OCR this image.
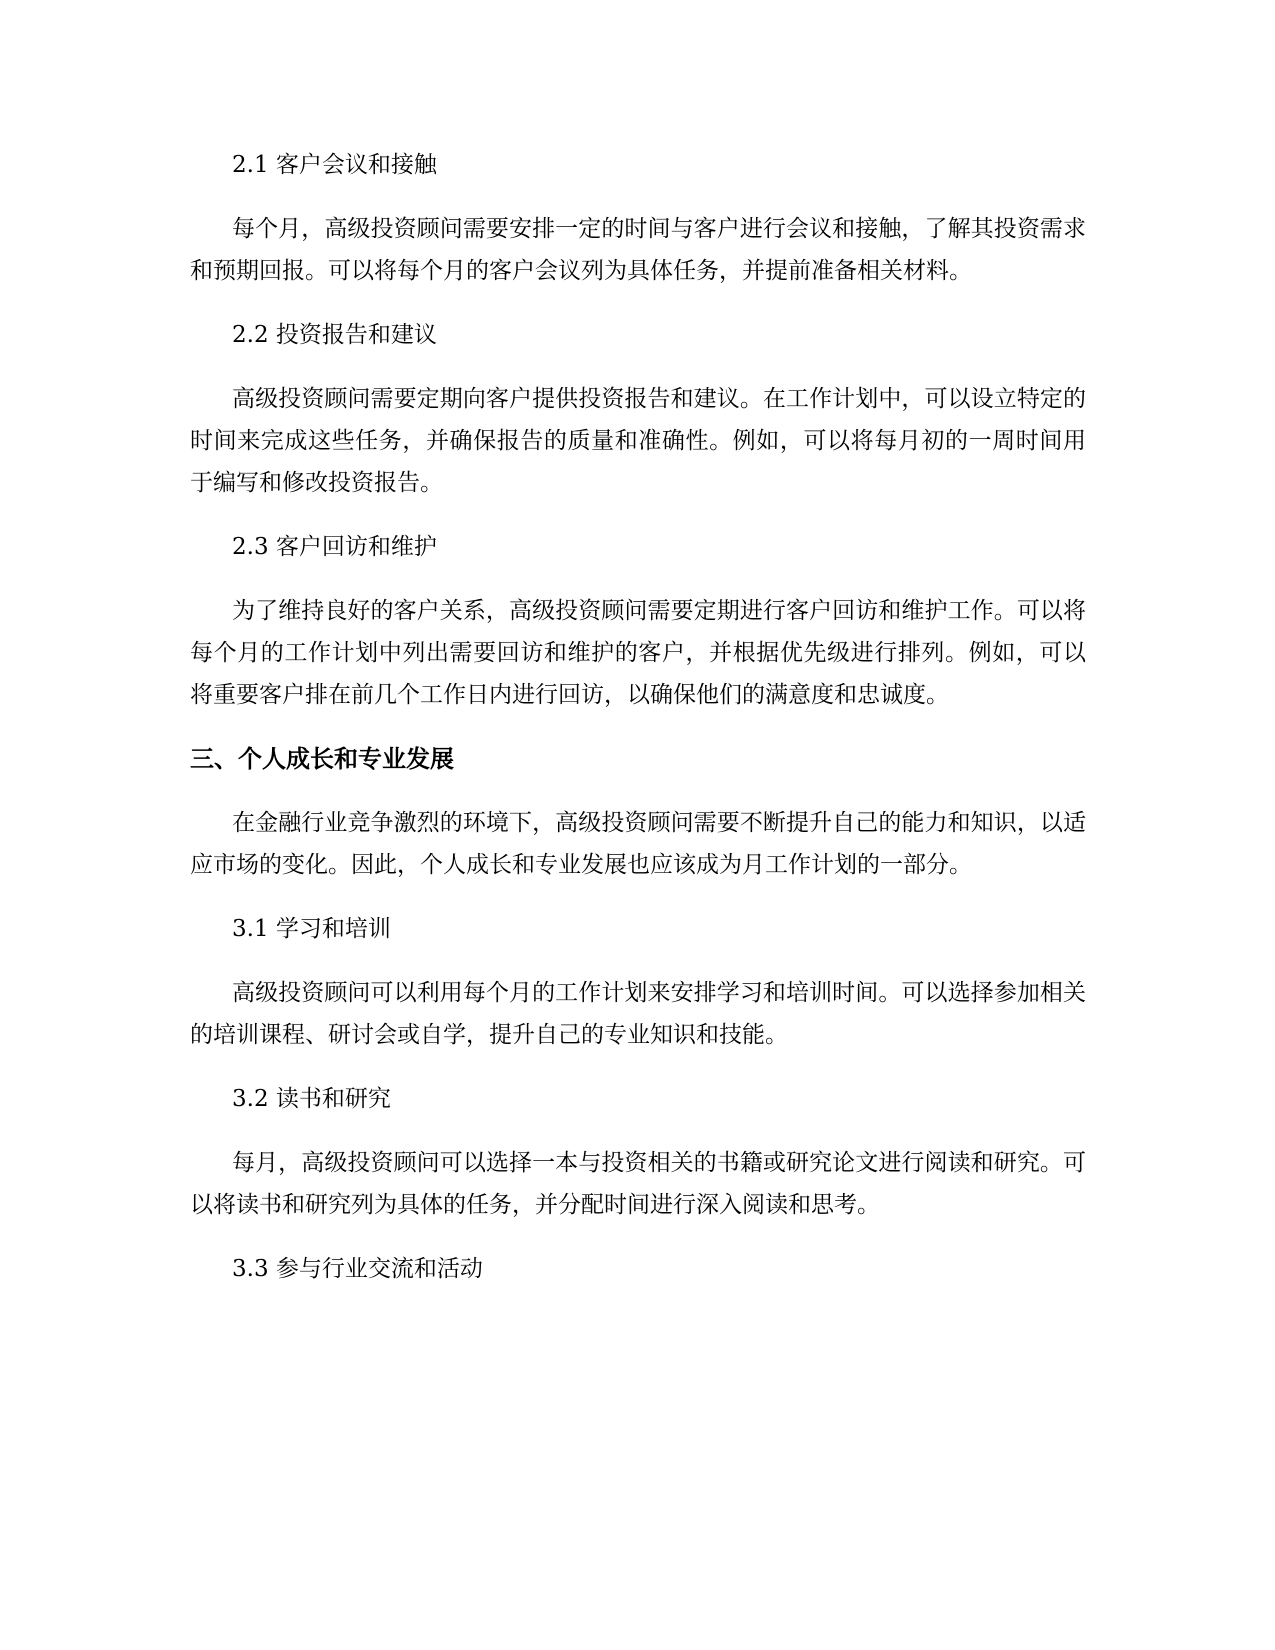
2.1 客户会议和接触
每个月，高级投资顾问需要安排一定的时间与客户进行会议和接触，了解其投资需求和预期回报。可以将每个月的客户会议列为具体任务，并提前准备相关材料。
2.2 投资报告和建议
高级投资顾问需要定期向客户提供投资报告和建议。在工作计划中，可以设立特定的时间来完成这些任务，并确保报告的质量和准确性。例如，可以将每月初的一周时间用于编写和修改投资报告。
2.3 客户回访和维护
为了维持良好的客户关系，高级投资顾问需要定期进行客户回访和维护工作。可以将每个月的工作计划中列出需要回访和维护的客户，并根据优先级进行排列。例如，可以将重要客户排在前几个工作日内进行回访，以确保他们的满意度和忠诚度。
三、个人成长和专业发展
在金融行业竞争激烈的环境下，高级投资顾问需要不断提升自己的能力和知识，以适应市场的变化。因此，个人成长和专业发展也应该成为月工作计划的一部分。
3.1 学习和培训
高级投资顾问可以利用每个月的工作计划来安排学习和培训时间。可以选择参加相关的培训课程、研讨会或自学，提升自己的专业知识和技能。
3.2 读书和研究
每月，高级投资顾问可以选择一本与投资相关的书籍或研究论文进行阅读和研究。可以将读书和研究列为具体的任务，并分配时间进行深入阅读和思考。
3.3 参与行业交流和活动
